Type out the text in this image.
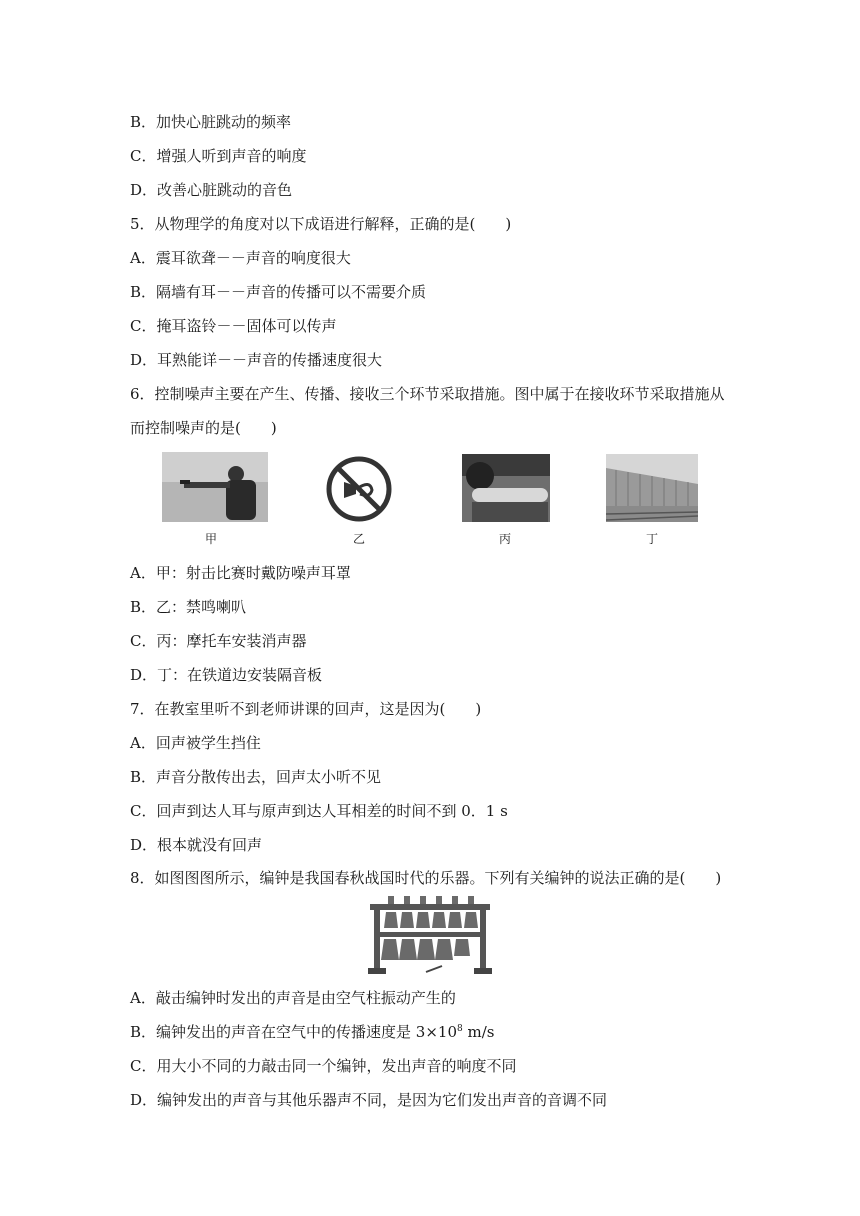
B．加快心脏跳动的频率
C．增强人听到声音的响度
D．改善心脏跳动的音色
5．从物理学的角度对以下成语进行解释，正确的是(　　)
A．震耳欲聋－－声音的响度很大
B．隔墙有耳－－声音的传播可以不需要介质
C．掩耳盗铃－－固体可以传声
D．耳熟能详－－声音的传播速度很大
6．控制噪声主要在产生、传播、接收三个环节采取措施。图中属于在接收环节采取措施从
而控制噪声的是(　　)
甲	乙	丙	丁
A．甲：射击比赛时戴防噪声耳罩
B．乙：禁鸣喇叭
C．丙：摩托车安装消声器
D．丁：在铁道边安装隔音板
7．在教室里听不到老师讲课的回声，这是因为(　　)
A．回声被学生挡住
B．声音分散传出去，回声太小听不见
C．回声到达人耳与原声到达人耳相差的时间不到 0．1 s
D．根本就没有回声
8．如图图图所示，编钟是我国春秋战国时代的乐器。下列有关编钟的说法正确的是(　　)
A．敲击编钟时发出的声音是由空气柱振动产生的
B．编钟发出的声音在空气中的传播速度是 $3\times 10^8$ m/s
C．用大小不同的力敲击同一个编钟，发出声音的响度不同
D．编钟发出的声音与其他乐器声不同，是因为它们发出声音的音调不同
